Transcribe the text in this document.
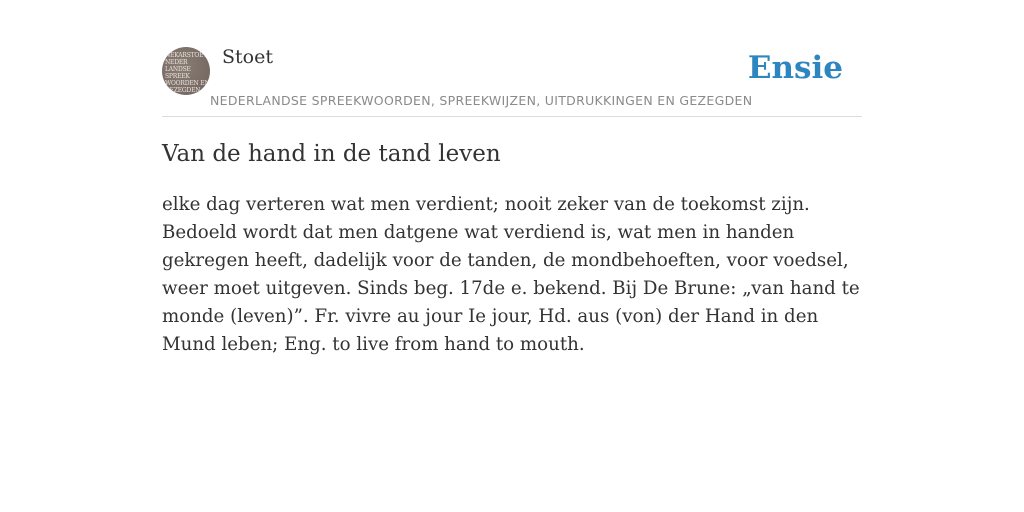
NEKARSTOET
NEDER
LANDSE
SPREEK
WOORDEN EN
GEZEGDEN
Stoet
NEDERLANDSE SPREEKWOORDEN, SPREEKWIJZEN, UITDRUKKINGEN EN GEZEGDEN
Ensie
Van de hand in de tand leven

elke dag verteren wat men verdient; nooit zeker van de toekomst zijn. Bedoeld wordt dat men datgene wat verdiend is, wat men in handen gekregen heeft, dadelijk voor de tanden, de mondbehoeften, voor voedsel, weer moet uitgeven. Sinds beg. 17de e. bekend. Bij De Brune: „van hand te monde (leven)”. Fr. vivre au jour Ie jour, Hd. aus (von) der Hand in den Mund leben; Eng. to live from hand to mouth.
